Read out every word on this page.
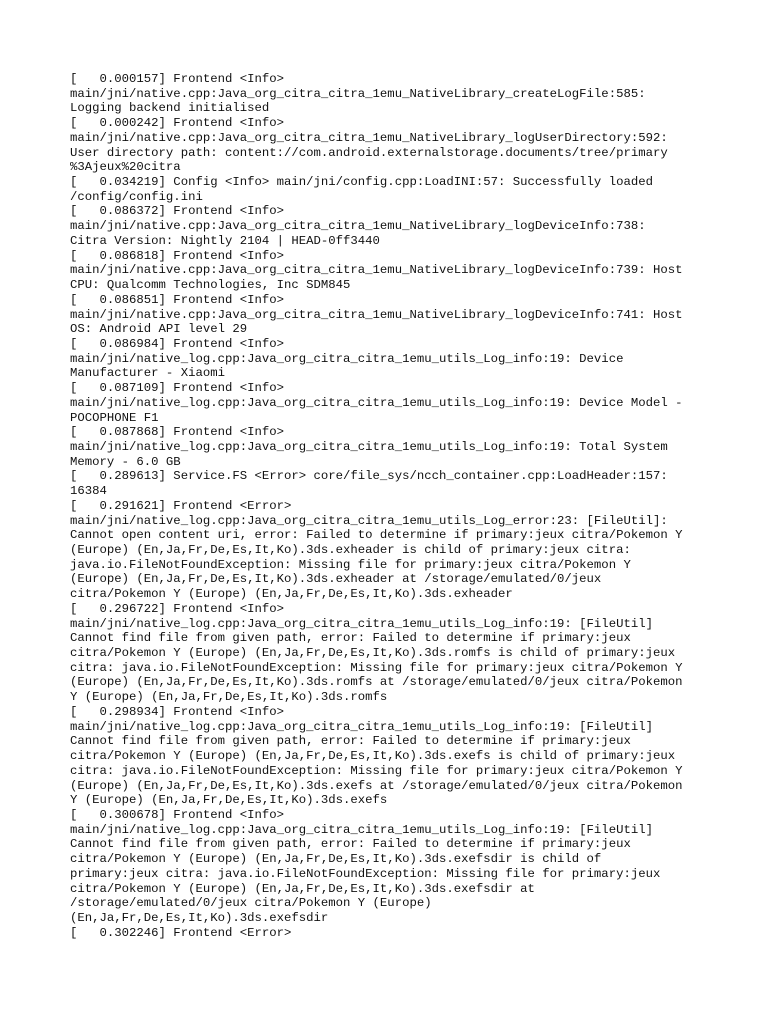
[   0.000157] Frontend <Info>
main/jni/native.cpp:Java_org_citra_citra_1emu_NativeLibrary_createLogFile:585:
Logging backend initialised
[   0.000242] Frontend <Info>
main/jni/native.cpp:Java_org_citra_citra_1emu_NativeLibrary_logUserDirectory:592:
User directory path: content://com.android.externalstorage.documents/tree/primary
%3Ajeux%20citra
[   0.034219] Config <Info> main/jni/config.cpp:LoadINI:57: Successfully loaded
/config/config.ini
[   0.086372] Frontend <Info>
main/jni/native.cpp:Java_org_citra_citra_1emu_NativeLibrary_logDeviceInfo:738:
Citra Version: Nightly 2104 | HEAD-0ff3440
[   0.086818] Frontend <Info>
main/jni/native.cpp:Java_org_citra_citra_1emu_NativeLibrary_logDeviceInfo:739: Host
CPU: Qualcomm Technologies, Inc SDM845
[   0.086851] Frontend <Info>
main/jni/native.cpp:Java_org_citra_citra_1emu_NativeLibrary_logDeviceInfo:741: Host
OS: Android API level 29
[   0.086984] Frontend <Info>
main/jni/native_log.cpp:Java_org_citra_citra_1emu_utils_Log_info:19: Device
Manufacturer - Xiaomi
[   0.087109] Frontend <Info>
main/jni/native_log.cpp:Java_org_citra_citra_1emu_utils_Log_info:19: Device Model -
POCOPHONE F1
[   0.087868] Frontend <Info>
main/jni/native_log.cpp:Java_org_citra_citra_1emu_utils_Log_info:19: Total System
Memory - 6.0 GB
[   0.289613] Service.FS <Error> core/file_sys/ncch_container.cpp:LoadHeader:157:
16384
[   0.291621] Frontend <Error>
main/jni/native_log.cpp:Java_org_citra_citra_1emu_utils_Log_error:23: [FileUtil]:
Cannot open content uri, error: Failed to determine if primary:jeux citra/Pokemon Y
(Europe) (En,Ja,Fr,De,Es,It,Ko).3ds.exheader is child of primary:jeux citra:
java.io.FileNotFoundException: Missing file for primary:jeux citra/Pokemon Y
(Europe) (En,Ja,Fr,De,Es,It,Ko).3ds.exheader at /storage/emulated/0/jeux
citra/Pokemon Y (Europe) (En,Ja,Fr,De,Es,It,Ko).3ds.exheader
[   0.296722] Frontend <Info>
main/jni/native_log.cpp:Java_org_citra_citra_1emu_utils_Log_info:19: [FileUtil]
Cannot find file from given path, error: Failed to determine if primary:jeux
citra/Pokemon Y (Europe) (En,Ja,Fr,De,Es,It,Ko).3ds.romfs is child of primary:jeux
citra: java.io.FileNotFoundException: Missing file for primary:jeux citra/Pokemon Y
(Europe) (En,Ja,Fr,De,Es,It,Ko).3ds.romfs at /storage/emulated/0/jeux citra/Pokemon
Y (Europe) (En,Ja,Fr,De,Es,It,Ko).3ds.romfs
[   0.298934] Frontend <Info>
main/jni/native_log.cpp:Java_org_citra_citra_1emu_utils_Log_info:19: [FileUtil]
Cannot find file from given path, error: Failed to determine if primary:jeux
citra/Pokemon Y (Europe) (En,Ja,Fr,De,Es,It,Ko).3ds.exefs is child of primary:jeux
citra: java.io.FileNotFoundException: Missing file for primary:jeux citra/Pokemon Y
(Europe) (En,Ja,Fr,De,Es,It,Ko).3ds.exefs at /storage/emulated/0/jeux citra/Pokemon
Y (Europe) (En,Ja,Fr,De,Es,It,Ko).3ds.exefs
[   0.300678] Frontend <Info>
main/jni/native_log.cpp:Java_org_citra_citra_1emu_utils_Log_info:19: [FileUtil]
Cannot find file from given path, error: Failed to determine if primary:jeux
citra/Pokemon Y (Europe) (En,Ja,Fr,De,Es,It,Ko).3ds.exefsdir is child of
primary:jeux citra: java.io.FileNotFoundException: Missing file for primary:jeux
citra/Pokemon Y (Europe) (En,Ja,Fr,De,Es,It,Ko).3ds.exefsdir at
/storage/emulated/0/jeux citra/Pokemon Y (Europe)
(En,Ja,Fr,De,Es,It,Ko).3ds.exefsdir
[   0.302246] Frontend <Error>
